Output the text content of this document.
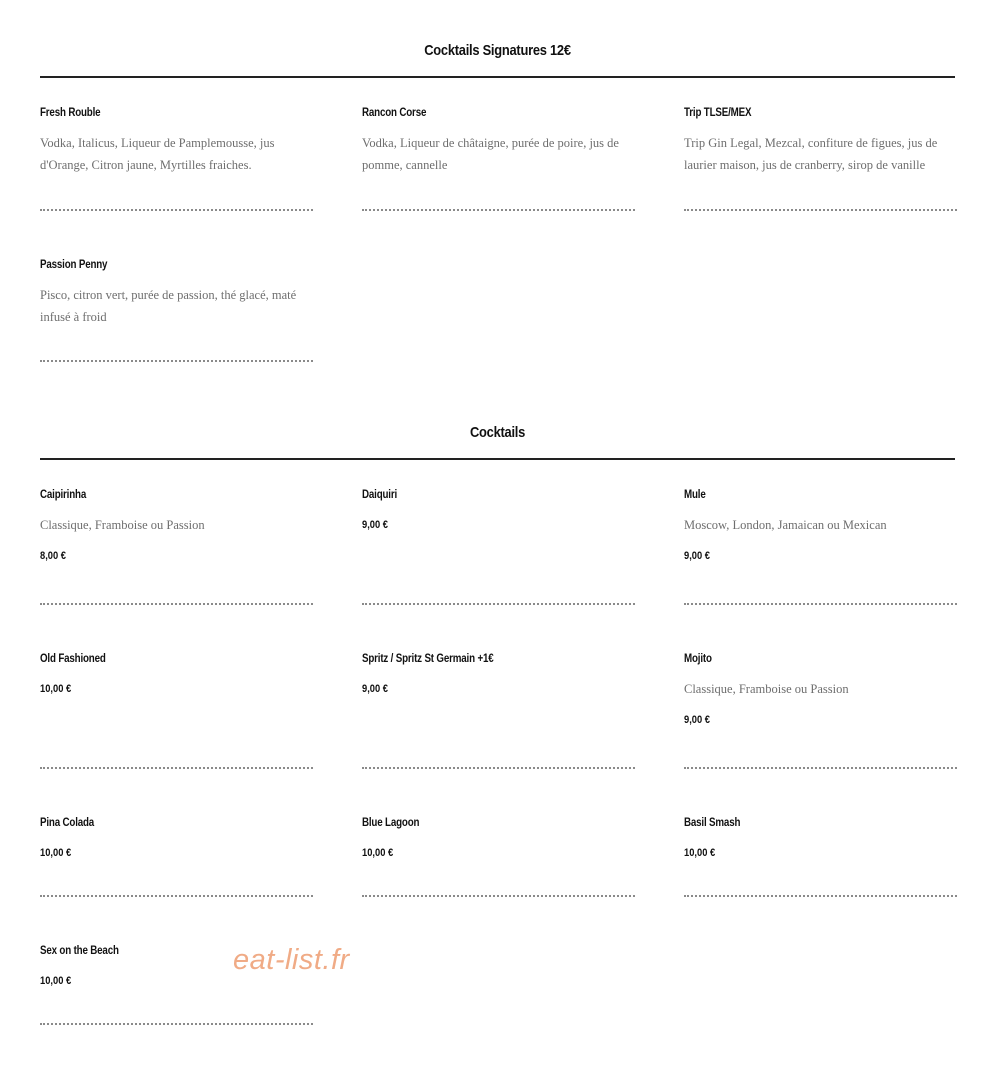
Cocktails Signatures 12€
Fresh Rouble
Vodka, Italicus, Liqueur de Pamplemousse, jus d'Orange, Citron jaune, Myrtilles fraiches.
Rancon Corse
Vodka, Liqueur de châtaigne, purée de poire, jus de pomme, cannelle
Trip TLSE/MEX
Trip Gin Legal, Mezcal, confiture de figues, jus de laurier maison, jus de cranberry, sirop de vanille
Passion Penny
Pisco, citron vert, purée de passion, thé glacé, maté infusé à froid
Cocktails
Caipirinha
Classique, Framboise ou Passion
8,00 €
Daiquiri
9,00 €
Mule
Moscow, London, Jamaican ou Mexican
9,00 €
Old Fashioned
10,00 €
Spritz / Spritz St Germain +1€
9,00 €
Mojito
Classique, Framboise ou Passion
9,00 €
Pina Colada
10,00 €
Blue Lagoon
10,00 €
Basil Smash
10,00 €
Sex on the Beach
10,00 €
eat-list.fr
